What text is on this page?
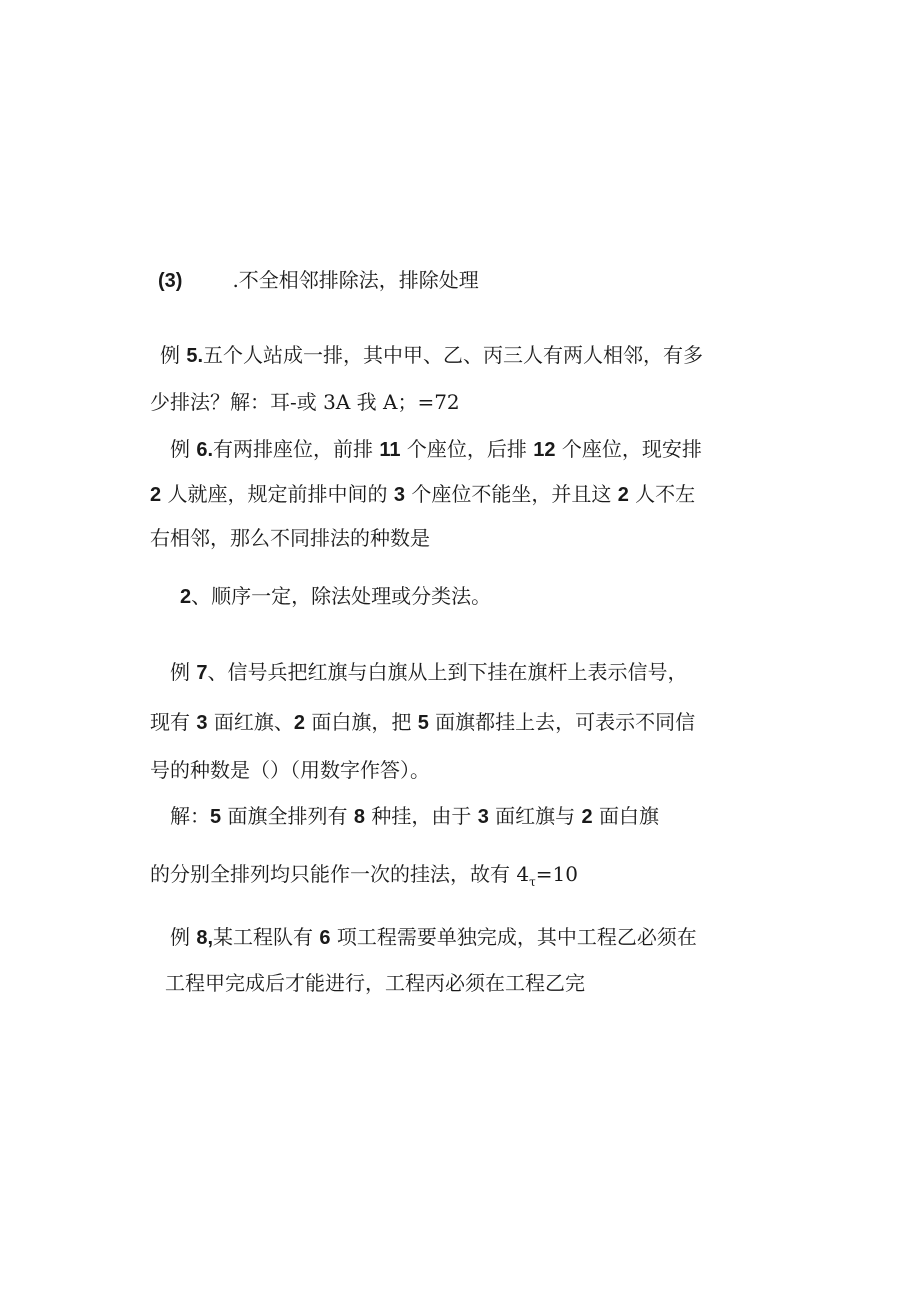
(3)	.不全相邻排除法，排除处理
例 5.五个人站成一排，其中甲、乙、丙三人有两人相邻，有多
少排法？解：耳-或 3A 我 A；=72
例 6.有两排座位，前排 11 个座位，后排 12 个座位，现安排
2 人就座，规定前排中间的 3 个座位不能坐，并且这 2 人不左
右相邻，那么不同排法的种数是
2、顺序一定，除法处理或分类法。
例 7、信号兵把红旗与白旗从上到下挂在旗杆上表示信号，
现有 3 面红旗、2 面白旗，把 5 面旗都挂上去，可表示不同信
号的种数是（）（用数字作答）。
解：5 面旗全排列有 8 种挂，由于 3 面红旗与 2 面白旗
的分别全排列均只能作一次的挂法，故有 $4_\tau=10$
例 8,某工程队有 6 项工程需要单独完成，其中工程乙必须在
工程甲完成后才能进行，工程丙必须在工程乙完
